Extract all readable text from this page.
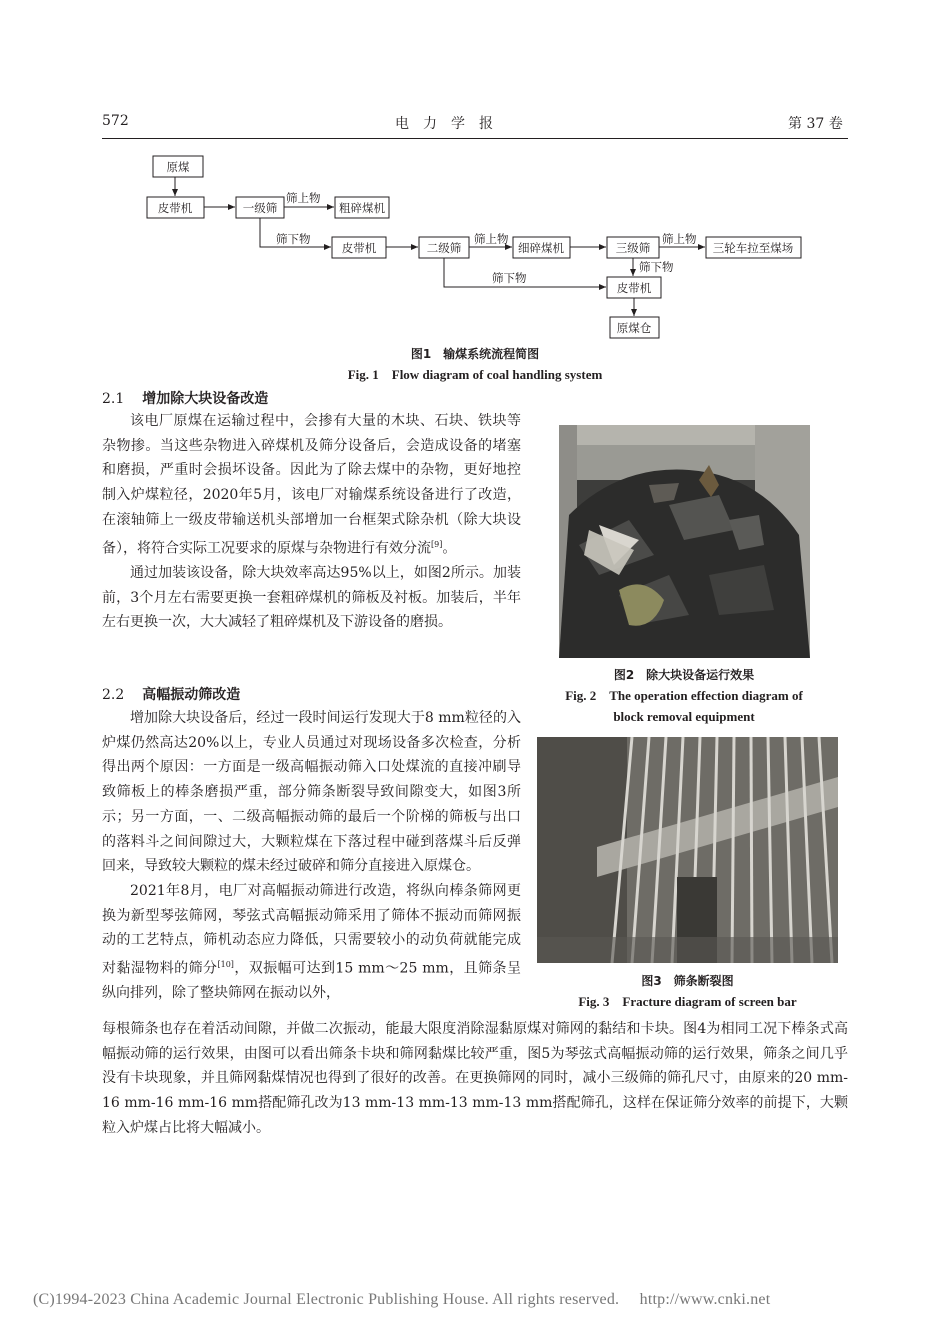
572	电　力　学　报	第 37 卷
原煤
皮带机	一级筛	粗碎煤机
皮带机	二级筛	细碎煤机	三级筛	三轮车拉至煤场
皮带机
原煤仓
筛上物
筛下物	筛上物
筛下物
筛上物
筛下物
图1　输煤系统流程简图
Fig. 1　Flow diagram of coal handling system
2.1 增加除大块设备改造

该电厂原煤在运输过程中，会掺有大量的木块、石块、铁块等杂物掺。当这些杂物进入碎煤机及筛分设备后，会造成设备的堵塞和磨损，严重时会损坏设备。因此为了除去煤中的杂物，更好地控制入炉煤粒径，2020年5月，该电厂对输煤系统设备进行了改造，在滚轴筛上一级皮带输送机头部增加一台框架式除杂机（除大块设备），将符合实际工况要求的原煤与杂物进行有效分流[9]。

通过加装该设备，除大块效率高达95%以上，如图2所示。加装前，3个月左右需要更换一套粗碎煤机的筛板及衬板。加装后，半年左右更换一次，大大减轻了粗碎煤机及下游设备的磨损。

图2　除大块设备运行效果
Fig. 2　The operation effection diagram of
block removal equipment
2.2 高幅振动筛改造

增加除大块设备后，经过一段时间运行发现大于8 mm粒径的入炉煤仍然高达20%以上，专业人员通过对现场设备多次检查，分析得出两个原因：一方面是一级高幅振动筛入口处煤流的直接冲刷导致筛板上的棒条磨损严重，部分筛条断裂导致间隙变大，如图3所示；另一方面，一、二级高幅振动筛的最后一个阶梯的筛板与出口的落料斗之间间隙过大，大颗粒煤在下落过程中碰到落煤斗后反弹回来，导致较大颗粒的煤未经过破碎和筛分直接进入原煤仓。

2021年8月，电厂对高幅振动筛进行改造，将纵向棒条筛网更换为新型琴弦筛网，琴弦式高幅振动筛采用了筛体不振动而筛网振动的工艺特点，筛机动态应力降低，只需要较小的动负荷就能完成对黏湿物料的筛分[10]，双振幅可达到15 mm～25 mm，且筛条呈纵向排列，除了整块筛网在振动以外，

图3　筛条断裂图
Fig. 3　Fracture diagram of screen bar

每根筛条也存在着活动间隙，并做二次振动，能最大限度消除湿黏原煤对筛网的黏结和卡块。图4为相同工况下棒条式高幅振动筛的运行效果，由图可以看出筛条卡块和筛网黏煤比较严重，图5为琴弦式高幅振动筛的运行效果，筛条之间几乎没有卡块现象，并且筛网黏煤情况也得到了很好的改善。在更换筛网的同时，减小三级筛的筛孔尺寸，由原来的20 mm-16 mm-16 mm-16 mm搭配筛孔改为13 mm-13 mm-13 mm-13 mm搭配筛孔，这样在保证筛分效率的前提下，大颗粒入炉煤占比将大幅减小。

(C)1994-2023 China Academic Journal Electronic Publishing House. All rights reserved.　 http://www.cnki.net
